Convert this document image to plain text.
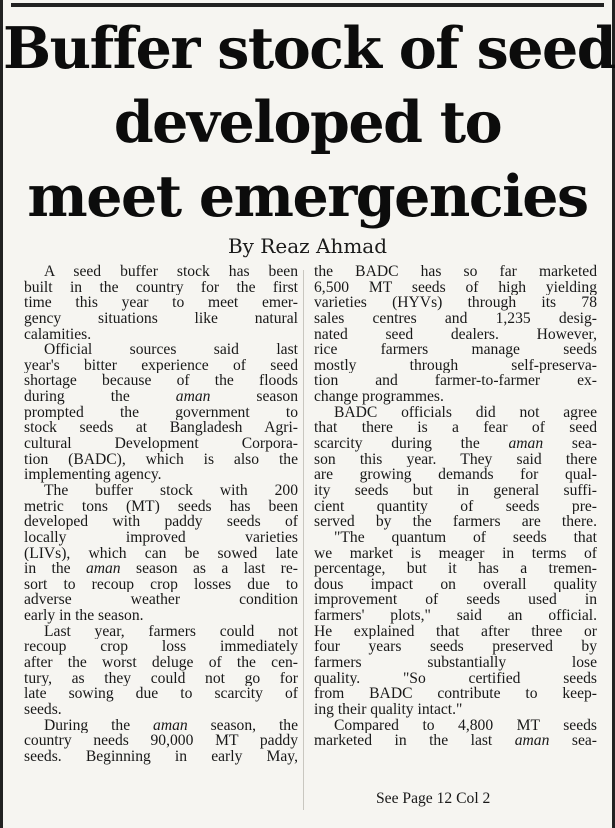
Buffer stock of seed
developed to
meet emergencies
By Reaz Ahmad
A seed buffer stock has been
built in the country for the first
time this year to meet emer-
gency situations like natural
calamities.
Official sources said last
year's bitter experience of seed
shortage because of the floods
during the aman season
prompted the government to
stock seeds at Bangladesh Agri-
cultural Development Corpora-
tion (BADC), which is also the
implementing agency.
The buffer stock with 200
metric tons (MT) seeds has been
developed with paddy seeds of
locally improved varieties
(LIVs), which can be sowed late
in the aman season as a last re-
sort to recoup crop losses due to
adverse weather condition
early in the season.
Last year, farmers could not
recoup crop loss immediately
after the worst deluge of the cen-
tury, as they could not go for
late sowing due to scarcity of
seeds.
During the aman season, the
country needs 90,000 MT paddy
seeds. Beginning in early May,
the BADC has so far marketed
6,500 MT seeds of high yielding
varieties (HYVs) through its 78
sales centres and 1,235 desig-
nated seed dealers. However,
rice farmers manage seeds
mostly through self-preserva-
tion and farmer-to-farmer ex-
change programmes.
BADC officials did not agree
that there is a fear of seed
scarcity during the aman sea-
son this year. They said there
are growing demands for qual-
ity seeds but in general suffi-
cient quantity of seeds pre-
served by the farmers are there.
"The quantum of seeds that
we market is meager in terms of
percentage, but it has a tremen-
dous impact on overall quality
improvement of seeds used in
farmers' plots," said an official.
He explained that after three or
four years seeds preserved by
farmers substantially lose
quality. "So certified seeds
from BADC contribute to keep-
ing their quality intact."
Compared to 4,800 MT seeds
marketed in the last aman sea-
See Page 12 Col 2
